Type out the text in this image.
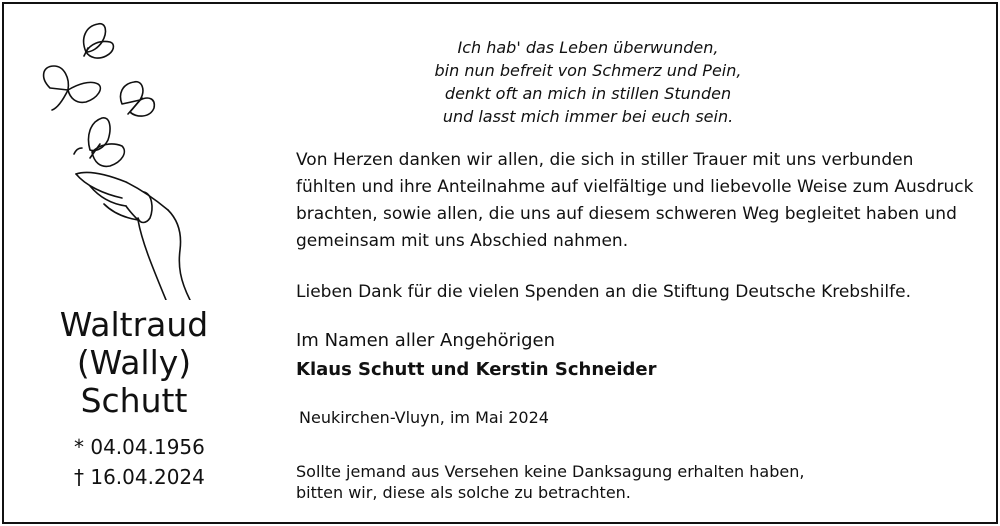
Waltraud
(Wally)
Schutt
* 04.04.1956
† 16.04.2024
Ich hab' das Leben überwunden,
bin nun befreit von Schmerz und Pein,
denkt oft an mich in stillen Stunden
und lasst mich immer bei euch sein.
Von Herzen danken wir allen, die sich in stiller Trauer mit uns verbunden
fühlten und ihre Anteilnahme auf vielfältige und liebevolle Weise zum Ausdruck
brachten, sowie allen, die uns auf diesem schweren Weg begleitet haben und
gemeinsam mit uns Abschied nahmen.
Lieben Dank für die vielen Spenden an die Stiftung Deutsche Krebshilfe.
Im Namen aller Angehörigen
Klaus Schutt und Kerstin Schneider
Neukirchen-Vluyn, im Mai 2024
Sollte jemand aus Versehen keine Danksagung erhalten haben,
bitten wir, diese als solche zu betrachten.
